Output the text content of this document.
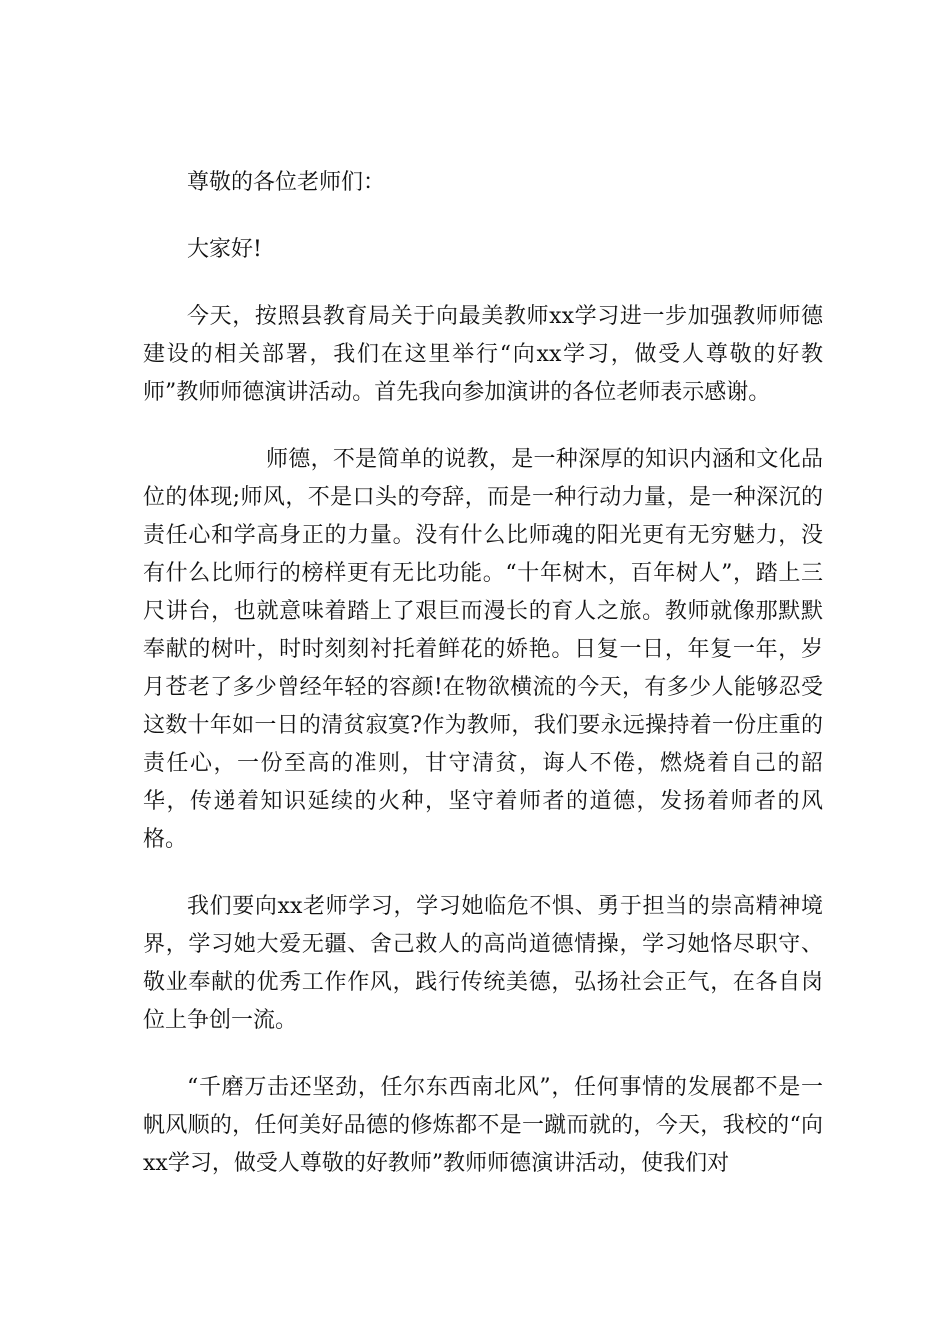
尊敬的各位老师们：

大家好!

今天，按照县教育局关于向最美教师xx学习进一步加强教师师德建设的相关部署，我们在这里举行“向xx学习，做受人尊敬的好教师”教师师德演讲活动。首先我向参加演讲的各位老师表示感谢。

师德，不是简单的说教，是一种深厚的知识内涵和文化品位的体现;师风，不是口头的夸辞，而是一种行动力量，是一种深沉的责任心和学高身正的力量。没有什么比师魂的阳光更有无穷魅力，没有什么比师行的榜样更有无比功能。“十年树木，百年树人”，踏上三尺讲台，也就意味着踏上了艰巨而漫长的育人之旅。教师就像那默默奉献的树叶，时时刻刻衬托着鲜花的娇艳。日复一日，年复一年，岁月苍老了多少曾经年轻的容颜!在物欲横流的今天，有多少人能够忍受这数十年如一日的清贫寂寞?作为教师，我们要永远操持着一份庄重的责任心，一份至高的准则，甘守清贫，诲人不倦，燃烧着自己的韶华，传递着知识延续的火种，坚守着师者的道德，发扬着师者的风格。

我们要向xx老师学习，学习她临危不惧、勇于担当的崇高精神境界，学习她大爱无疆、舍己救人的高尚道德情操，学习她恪尽职守、敬业奉献的优秀工作作风，践行传统美德，弘扬社会正气，在各自岗位上争创一流。

“千磨万击还坚劲，任尔东西南北风”，任何事情的发展都不是一帆风顺的，任何美好品德的修炼都不是一蹴而就的，今天，我校的“向xx学习，做受人尊敬的好教师”教师师德演讲活动，使我们对
